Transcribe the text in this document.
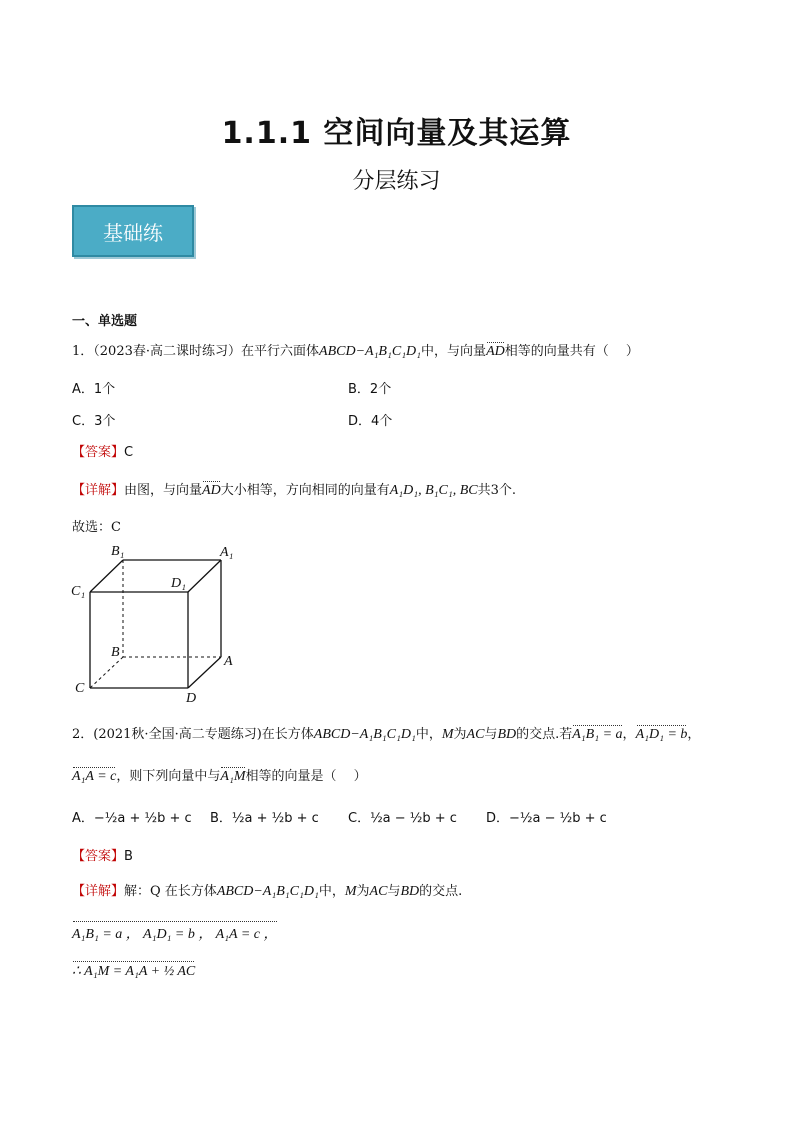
1.1.1 空间向量及其运算
分层练习
基础练
一、单选题
1．（2023春·高二课时练习）在平行六面体ABCD−A₁B₁C₁D₁中，与向量AD相等的向量共有（　 ）
A．1个	B．2个
C．3个	D．4个
【答案】C
【详解】由图，与向量AD大小相等，方向相同的向量有A₁D₁, B₁C₁, BC共3个.
故选：C
B₁	A₁
C₁
D₁
B
A
C
D
2．(2021秋·全国·高二专题练习)在长方体ABCD−A₁B₁C₁D₁中，M为AC与BD的交点.若A₁B₁ = a，A₁D₁ = b，
A₁A = c，则下列向量中与A₁M相等的向量是（　 ）
A．−½a + ½b + c B．½a + ½b + c C．½a − ½b + c D．−½a − ½b + c
【答案】B
【详解】解：Q 在长方体ABCD−A₁B₁C₁D₁中，M为AC与BD的交点.
A₁B₁ = a ， A₁D₁ = b ， A₁A = c ，
∴ A₁M = A₁A + ½ AC
